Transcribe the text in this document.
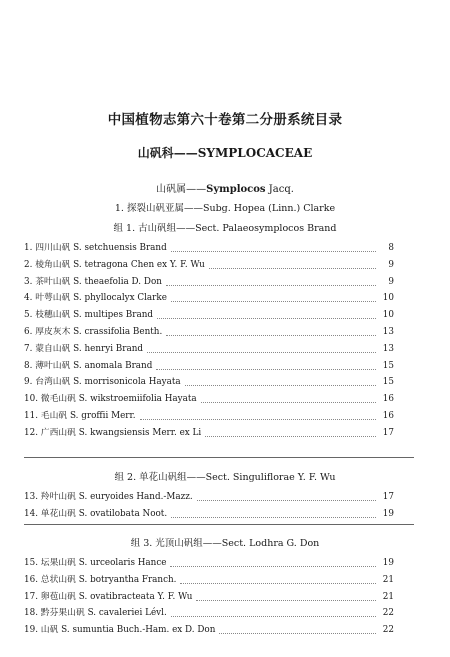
中国植物志第六十卷第二分册系统目录
山矾科——SYMPLOCACEAE
山矾属——Symplocos Jacq.
1. 探裂山矾亚属——Subg. Hopea (Linn.) Clarke
组 1. 古山矾组——Sect. Palaeosymplocos Brand
1. 四川山矾 S. setchuensis Brand	8
2. 棱角山矾 S. tetragona Chen ex Y. F. Wu	9
3. 茶叶山矾 S. theaefolia D. Don	9
4. 叶萼山矾 S. phyllocalyx Clarke	10
5. 枝穗山矾 S. multipes Brand	10
6. 厚皮灰木 S. crassifolia Benth.	13
7. 蒙自山矾 S. henryi Brand	13
8. 薄叶山矾 S. anomala Brand	15
9. 台湾山矾 S. morrisonicola Hayata	15
10. 微毛山矾 S. wikstroemiifolia Hayata	16
11. 毛山矾 S. groffii Merr.	16
12. 广西山矾 S. kwangsiensis Merr. ex Li	17
组 2. 单花山矾组——Sect. Singuliflorae Y. F. Wu
13. 羚叶山矾 S. euryoides Hand.-Mazz.	17
14. 单花山矾 S. ovatilobata Noot.	19
组 3. 光顶山矾组——Sect. Lodhra G. Don
15. 坛果山矾 S. urceolaris Hance	19
16. 总状山矾 S. botryantha Franch.	21
17. 卵苞山矾 S. ovatibracteata Y. F. Wu	21
18. 黔芬果山矾 S. cavaleriei Lévl.	22
19. 山矾 S. sumuntia Buch.-Ham. ex D. Don	22
